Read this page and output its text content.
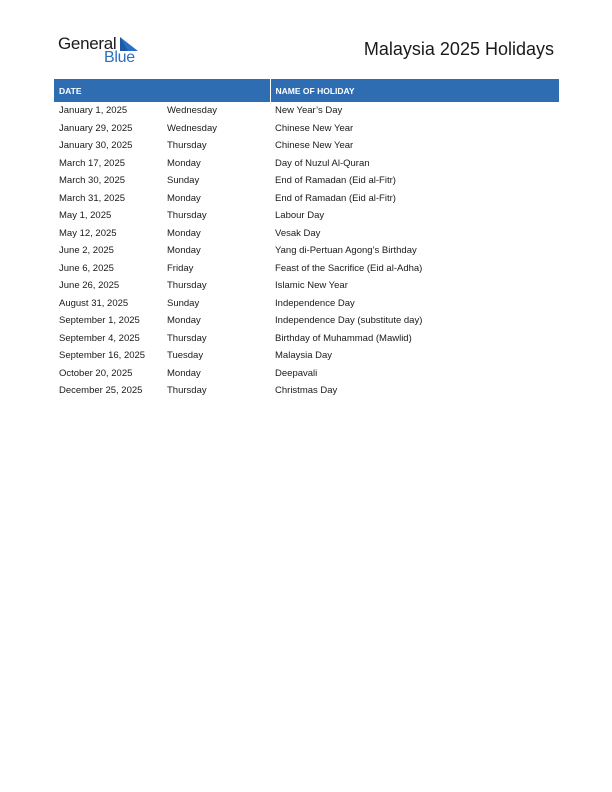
General
Blue	Malaysia 2025 Holidays
DATE		NAME OF HOLIDAY
January 1, 2025	Wednesday	New Year’s Day
January 29, 2025	Wednesday	Chinese New Year
January 30, 2025	Thursday	Chinese New Year
March 17, 2025	Monday	Day of Nuzul Al-Quran
March 30, 2025	Sunday	End of Ramadan (Eid al-Fitr)
March 31, 2025	Monday	End of Ramadan (Eid al-Fitr)
May 1, 2025	Thursday	Labour Day
May 12, 2025	Monday	Vesak Day
June 2, 2025	Monday	Yang di-Pertuan Agong’s Birthday
June 6, 2025	Friday	Feast of the Sacrifice (Eid al-Adha)
June 26, 2025	Thursday	Islamic New Year
August 31, 2025	Sunday	Independence Day
September 1, 2025	Monday	Independence Day (substitute day)
September 4, 2025	Thursday	Birthday of Muhammad (Mawlid)
September 16, 2025	Tuesday	Malaysia Day
October 20, 2025	Monday	Deepavali
December 25, 2025	Thursday	Christmas Day
